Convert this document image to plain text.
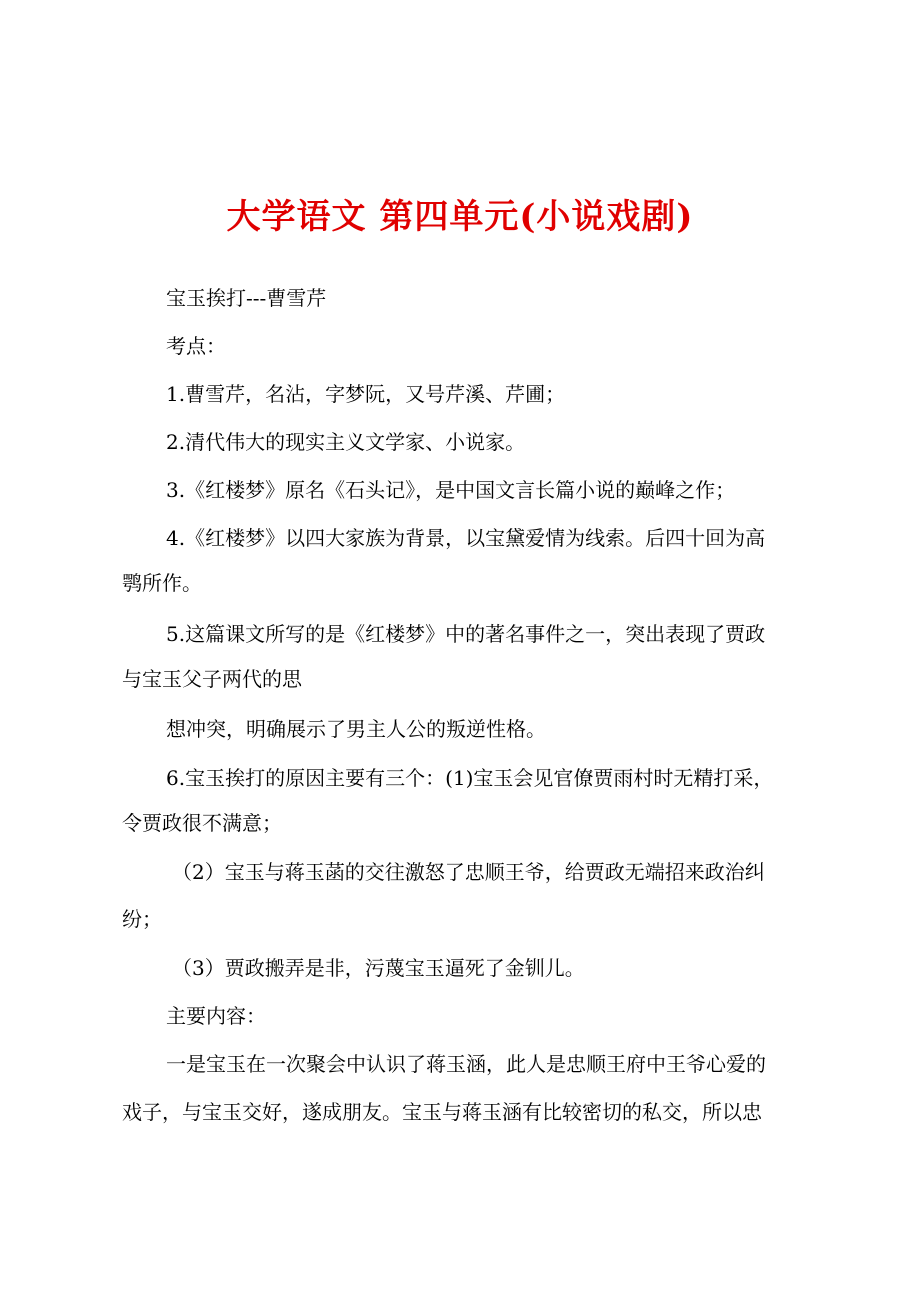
大学语文 第四单元(小说戏剧)
宝玉挨打---曹雪芹
考点：
1.曹雪芹，名沾，字梦阮，又号芹溪、芹圃；
2.清代伟大的现实主义文学家、小说家。
3.《红楼梦》原名《石头记》，是中国文言长篇小说的巅峰之作；
4.《红楼梦》以四大家族为背景，以宝黛爱情为线索。后四十回为高
鹗所作。
5.这篇课文所写的是《红楼梦》中的著名事件之一，突出表现了贾政
与宝玉父子两代的思
想冲突，明确展示了男主人公的叛逆性格。
6.宝玉挨打的原因主要有三个：(1)宝玉会见官僚贾雨村时无精打采，
令贾政很不满意；
（2）宝玉与蒋玉菡的交往激怒了忠顺王爷，给贾政无端招来政治纠
纷；
（3）贾政搬弄是非，污蔑宝玉逼死了金钏儿。
主要内容：
一是宝玉在一次聚会中认识了蒋玉涵，此人是忠顺王府中王爷心爱的
戏子，与宝玉交好，遂成朋友。宝玉与蒋玉涵有比较密切的私交，所以忠
